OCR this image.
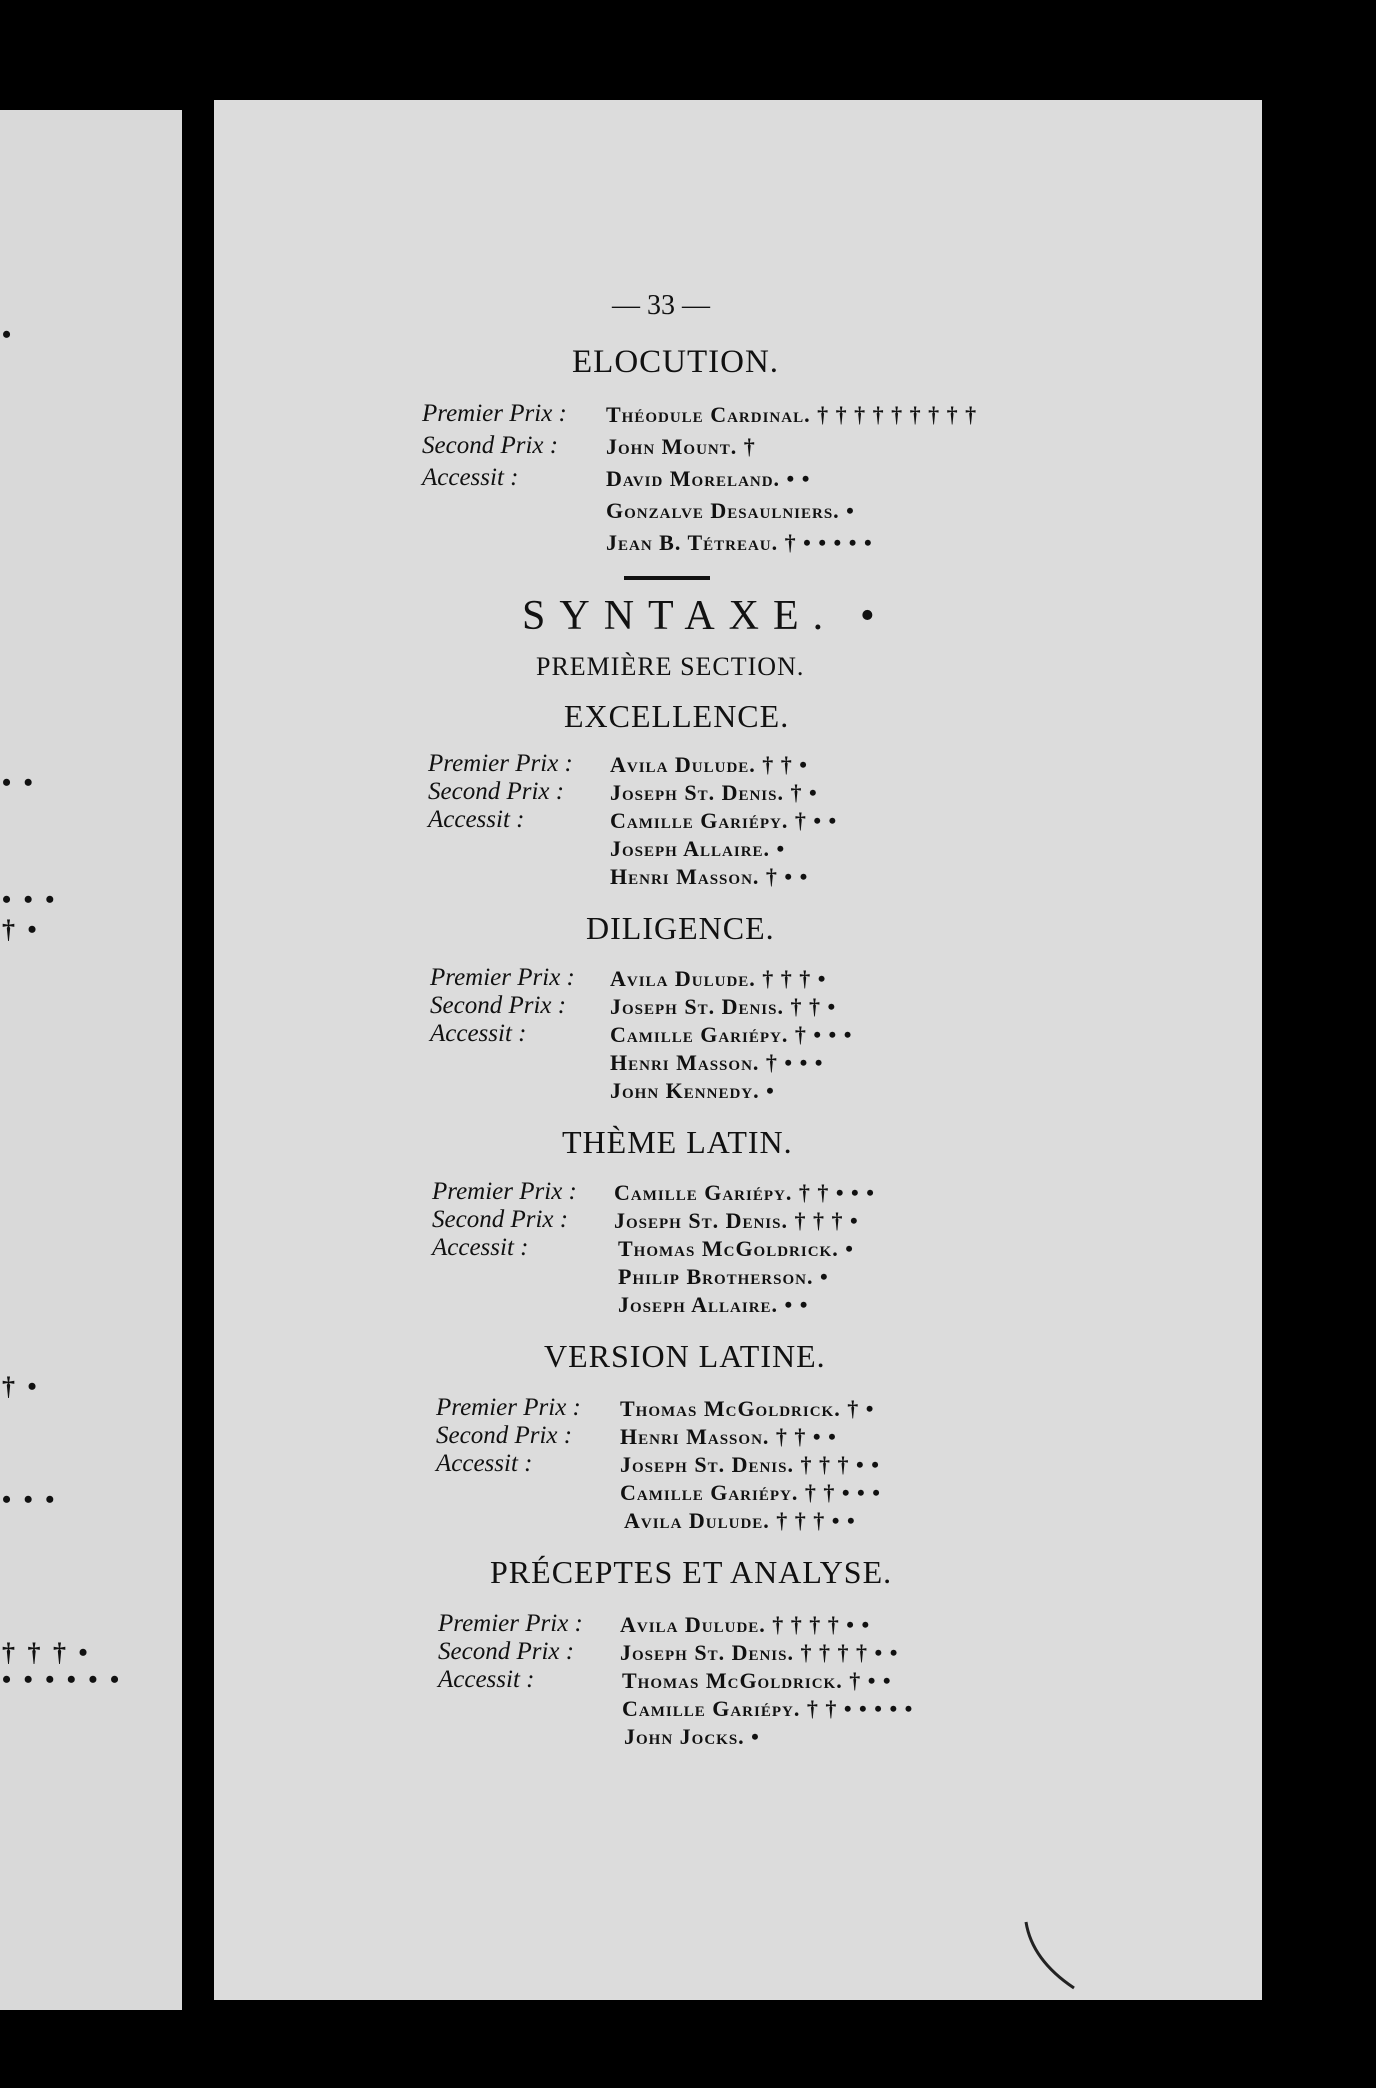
•
• •
• • •
† •
† •
• • •
† † † •
• • • • • •
— 33 —
ELOCUTION.
Premier Prix :
Second Prix :
Accessit :
Théodule Cardinal. † † † † † † † † †
John Mount. †
David Moreland. • •
Gonzalve Desaulniers. •
Jean B. Tétreau. † • • • • •
SYNTAXE. •
PREMIÈRE SECTION.
EXCELLENCE.
Premier Prix :
Second Prix :
Accessit :
Avila Dulude. † † •
Joseph St. Denis. † •
Camille Gariépy. † • •
Joseph Allaire. •
Henri Masson. † • •
DILIGENCE.
Premier Prix :
Second Prix :
Accessit :
Avila Dulude. † † † •
Joseph St. Denis. † † •
Camille Gariépy. † • • •
Henri Masson. † • • •
John Kennedy. •
THÈME LATIN.
Premier Prix :
Second Prix :
Accessit :
Camille Gariépy. † † • • •
Joseph St. Denis. † † † •
Thomas McGoldrick. •
Philip Brotherson. •
Joseph Allaire. • •
VERSION LATINE.
Premier Prix :
Second Prix :
Accessit :
Thomas McGoldrick. † •
Henri Masson. † † • •
Joseph St. Denis. † † † • •
Camille Gariépy. † † • • •
Avila Dulude. † † † • •
PRÉCEPTES ET ANALYSE.
Premier Prix :
Second Prix :
Accessit :
Avila Dulude. † † † † • •
Joseph St. Denis. † † † † • •
Thomas McGoldrick. † • •
Camille Gariépy. † † • • • • •
John Jocks. •
